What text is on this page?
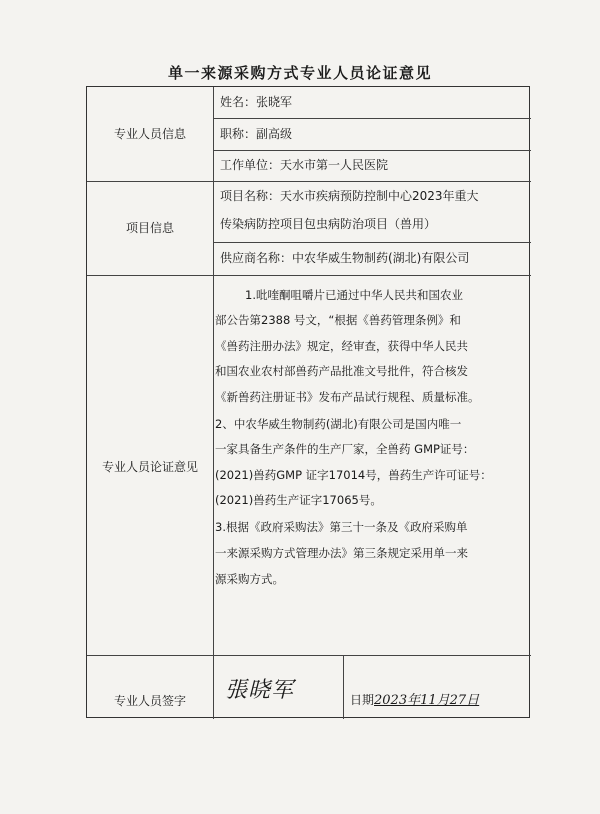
单一来源采购方式专业人员论证意见
专业人员信息
姓名：张晓军
职称：副高级
工作单位：天水市第一人民医院
项目信息
项目名称：天水市疾病预防控制中心2023年重大
传染病防控项目包虫病防治项目（兽用）
供应商名称：中农华威生物制药(湖北)有限公司
专业人员论证意见
1.吡喹酮咀嚼片已通过中华人民共和国农业
部公告第2388 号文，“根据《兽药管理条例》和
《兽药注册办法》规定，经审查，获得中华人民共
和国农业农村部兽药产品批准文号批件，符合核发
《新兽药注册证书》发布产品试行规程、质量标准。
2、中农华威生物制药(湖北)有限公司是国内唯一
一家具备生产条件的生产厂家，全兽药 GMP证号：
(2021)兽药GMP 证字17014号，兽药生产许可证号：
(2021)兽药生产证字17065号。
3.根据《政府采购法》第三十一条及《政府采购单
一来源采购方式管理办法》第三条规定采用单一来
源采购方式。
专业人员签字	張晓军	日期2023年11月27日
